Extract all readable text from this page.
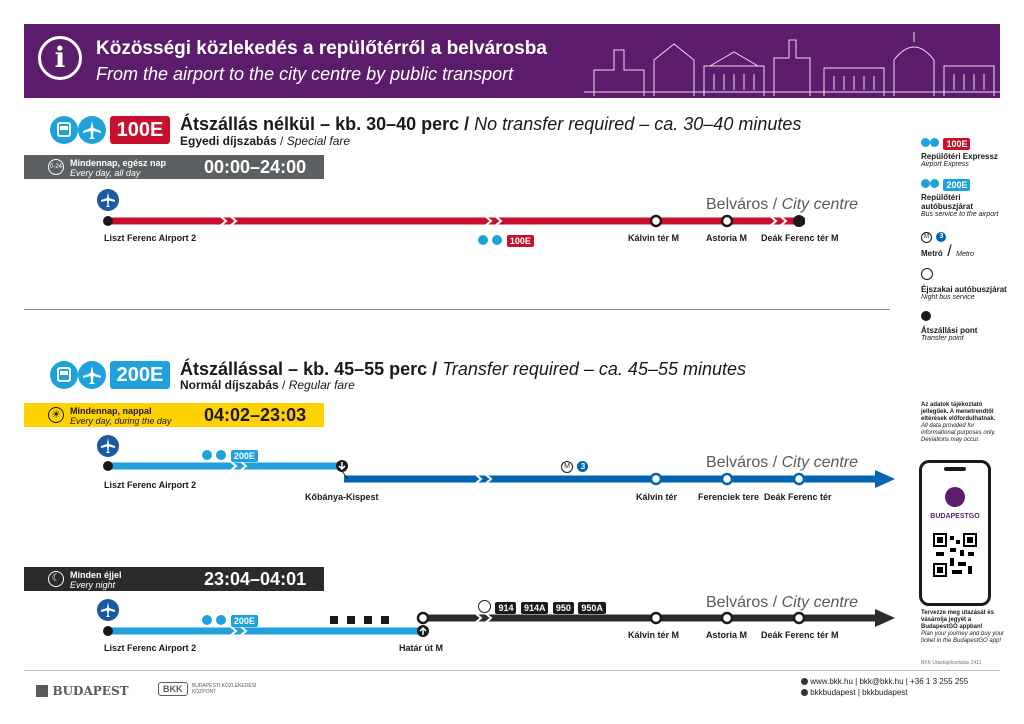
i	Közösségi közlekedés a repülőtérről a belvárosba
From the airport to the city centre by public transport
100E Átszállás nélkül – kb. 30–40 perc / No transfer required – ca. 30–40 minutes
Egyedi díjszabás / Special fare
0-24 Mindennap, egész nap
Every day, all day	00:00–24:00
Belváros / City centre
Liszt Ferenc Airport 2	100E	Kálvin tér M	Astoria M Deák Ferenc tér M
200E Átszállással – kb. 45–55 perc / Transfer required – ca. 45–55 minutes
Normál díjszabás / Regular fare
☀	Mindennap, nappal
Every day, during the day 04:02–23:03
200E
M 3	Belváros / City centre
Liszt Ferenc Airport 2
Kőbánya-Kispest	Kálvin tér Ferenciek tere Deák Ferenc tér
☾	Minden éjjel
Every night	23:04–04:01
200E
914 914A 950 950A	Belváros / City centre
Liszt Ferenc Airport 2	Határ út M
Kálvin tér M	Astoria M Deák Ferenc tér M
100E
Repülőtéri Expressz
Airport Express
200E
Repülőtéri autóbuszjárat
Bus service to the airport
M 3
Metró / Metro
Éjszakai autóbuszjárat
Night bus service
Átszállási pont
Transfer point
Az adatok tájékoztató jellegűek. A menetrendtől eltérések előfordulhatnak.
All data provided for informational purposes only. Deviations may occur.
BUDAPESTGO
Tervezze meg utazását és vásárolja jegyét a BudapestGO appban!
Plan your journey and buy your ticket in the BudapestGO app!
BKK Utastájékoztatás 2411
BUDAPEST	BKK BUDAPESTI KÖZLEKEDÉSI KÖZPONT
www.bkk.hu | bkk@bkk.hu | +36 1 3 255 255
bkkbudapest | bkkbudapest
